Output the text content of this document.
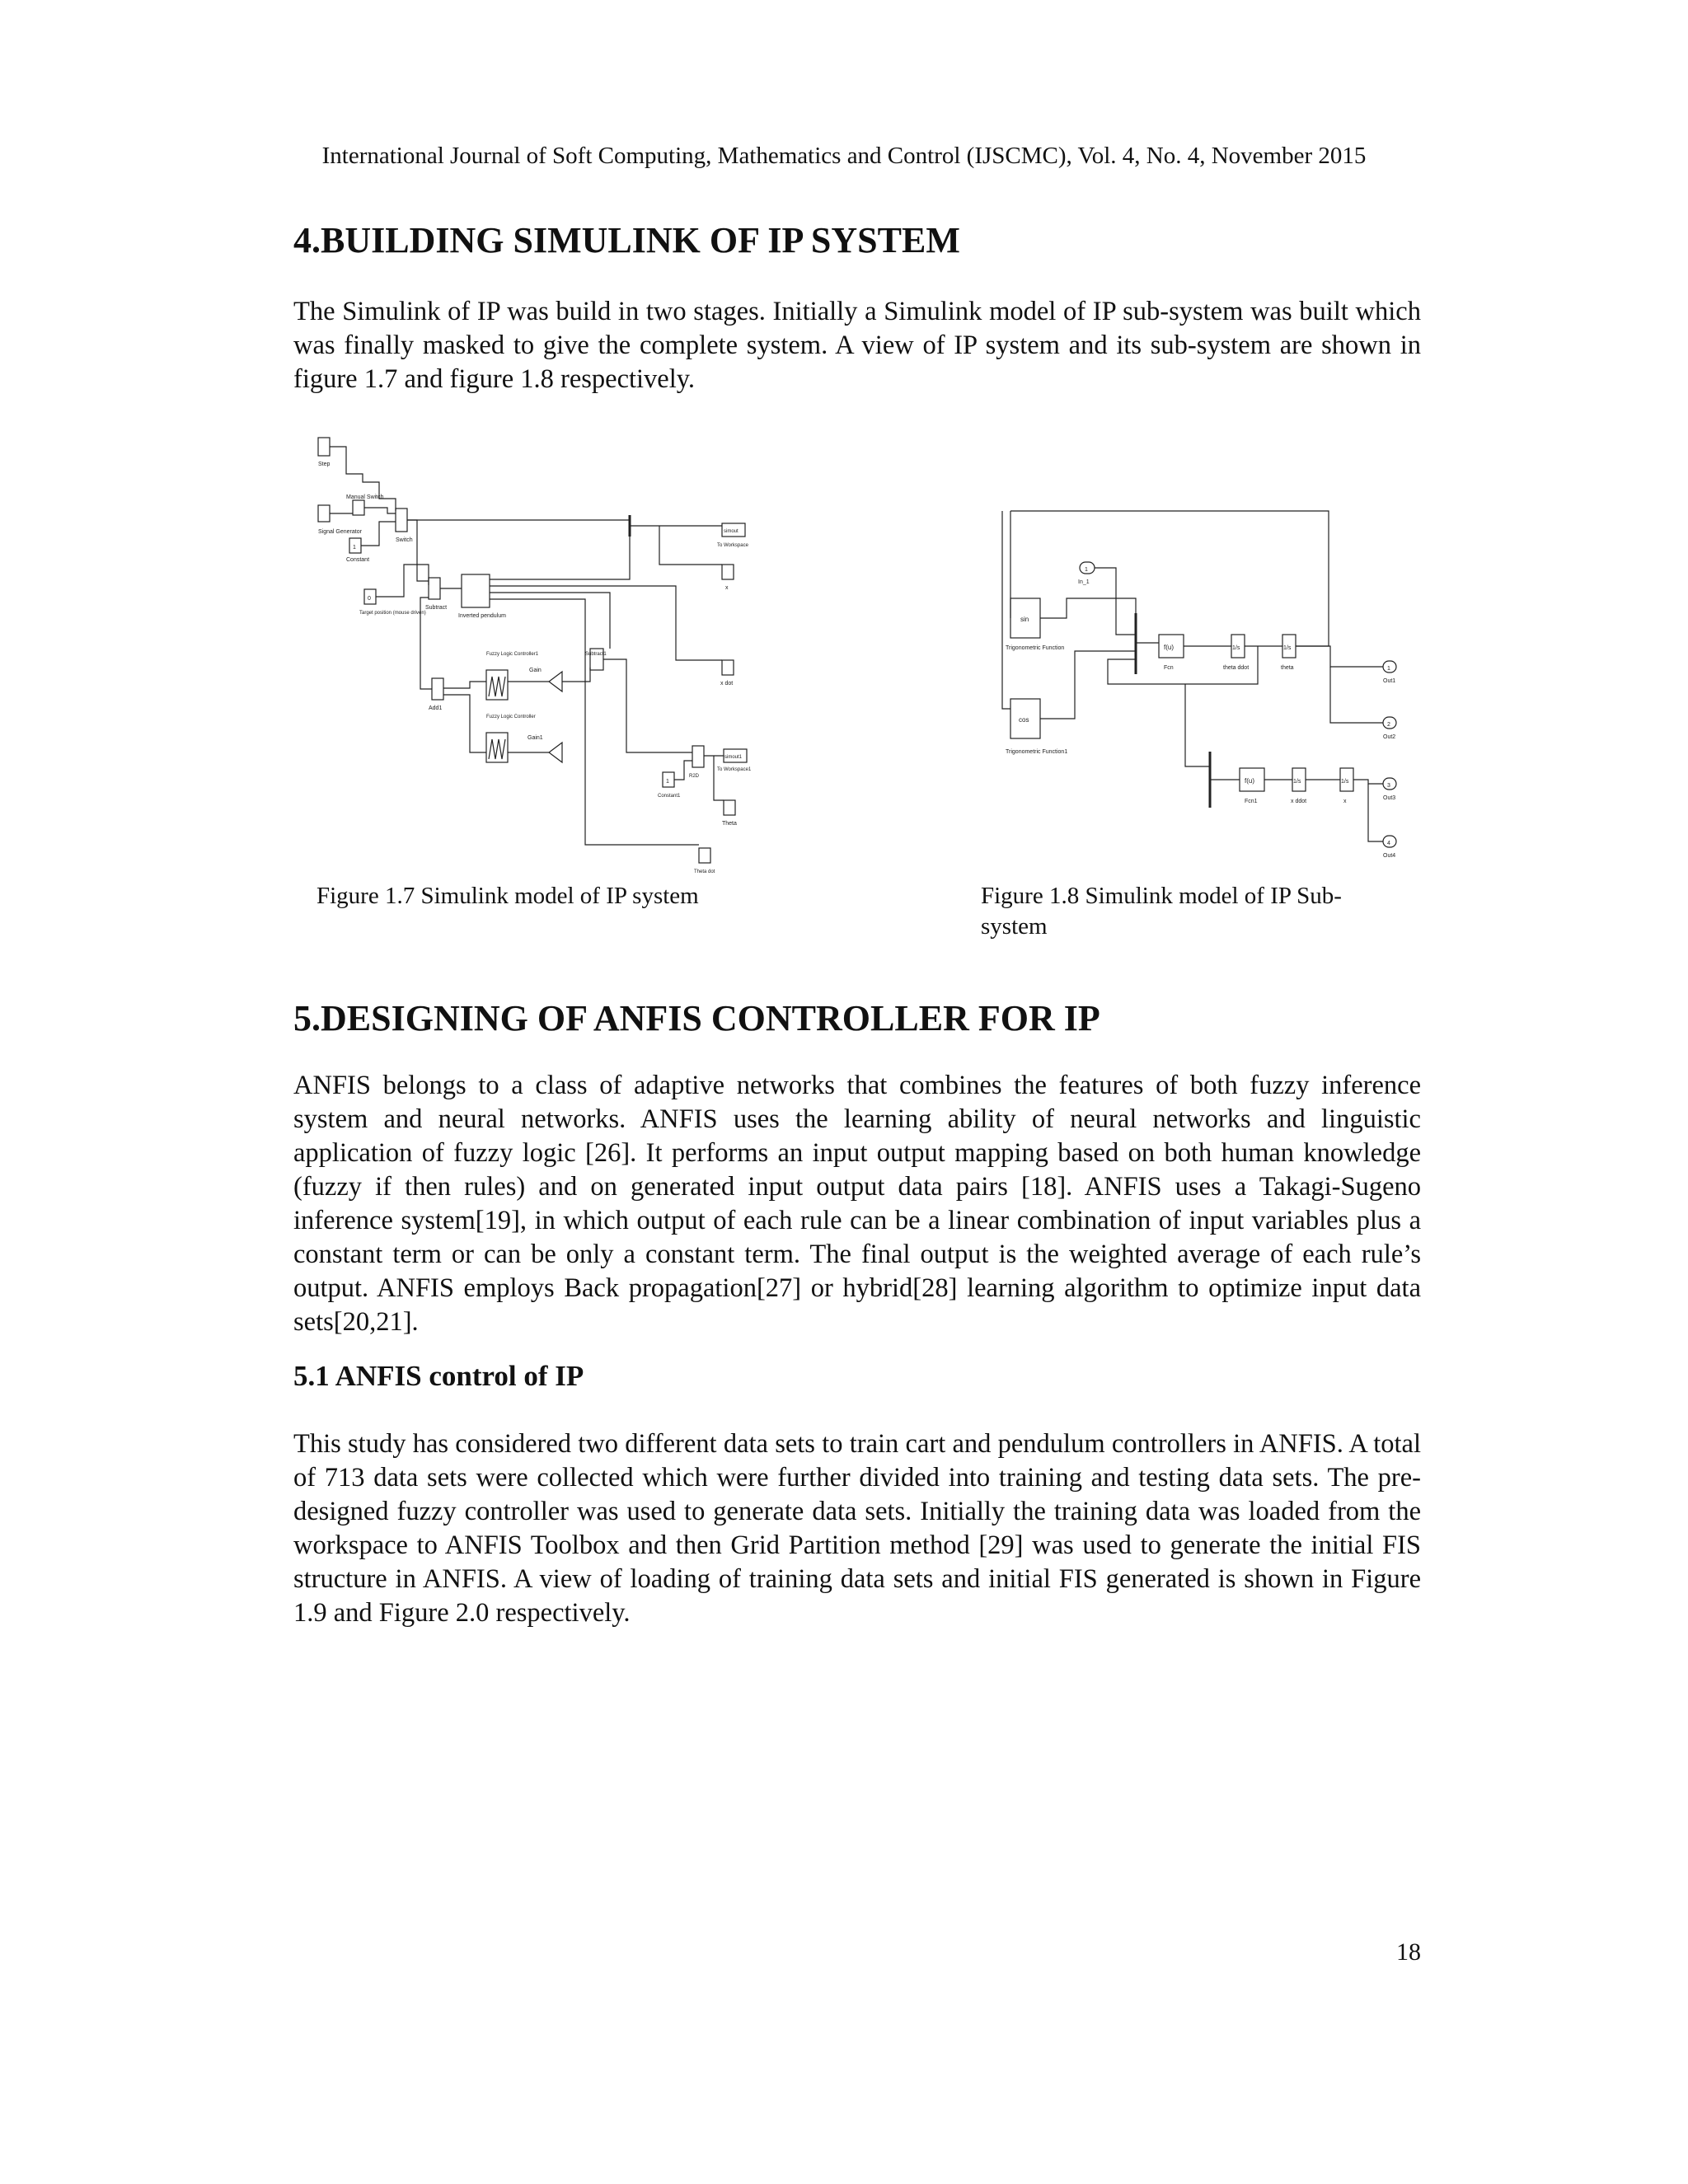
International Journal of Soft Computing, Mathematics and Control (IJSCMC), Vol. 4, No. 4, November 2015
4.BUILDING SIMULINK OF IP SYSTEM

The Simulink of IP was build in two stages. Initially a Simulink model of IP sub-system was built which was finally masked to give the complete system. A view of IP system and its sub-system are shown in figure 1.7 and figure 1.8 respectively.

Step
Signal Generator
Manual Switch
Switch
1
Constant
0
Target position (mouse driven)
Subtract
Inverted pendulum
simout
To Workspace
x
Fuzzy Logic Controller1
Gain
Subtract1
x dot
Add1
Fuzzy Logic Controller
Gain1
R2D
simout1
To Workspace1
1
Constant1
Theta
Theta dot

Figure 1.7 Simulink model of IP system

1
In_1
sin
Trigonometric Function
cos
Trigonometric Function1
f(u)
Fcn
1/s
theta ddot
1/s
theta	1
Out1
2
Out2
3
Out3
4
Out4
f(u)
Fcn1
1/s
x ddot
1/s
x

Figure 1.8 Simulink model of IP Sub-system

5.DESIGNING OF ANFIS CONTROLLER FOR IP

ANFIS belongs to a class of adaptive networks that combines the features of both fuzzy inference system and neural networks. ANFIS uses the learning ability of neural networks and linguistic application of fuzzy logic [26]. It performs an input output mapping based on both human knowledge (fuzzy if then rules) and on generated input output data pairs [18]. ANFIS uses a Takagi-Sugeno inference system[19], in which output of each rule can be a linear combination of input variables plus a constant term or can be only a constant term. The final output is the weighted average of each rule’s output. ANFIS employs Back propagation[27] or hybrid[28] learning algorithm to optimize input data sets[20,21].

5.1 ANFIS control of IP

This study has considered two different data sets to train cart and pendulum controllers in ANFIS. A total of 713 data sets were collected which were further divided into training and testing data sets. The pre-designed fuzzy controller was used to generate data sets. Initially the training data was loaded from the workspace to ANFIS Toolbox and then Grid Partition method [29] was used to generate the initial FIS structure in ANFIS. A view of loading of training data sets and initial FIS generated is shown in Figure 1.9 and Figure 2.0 respectively.

18
